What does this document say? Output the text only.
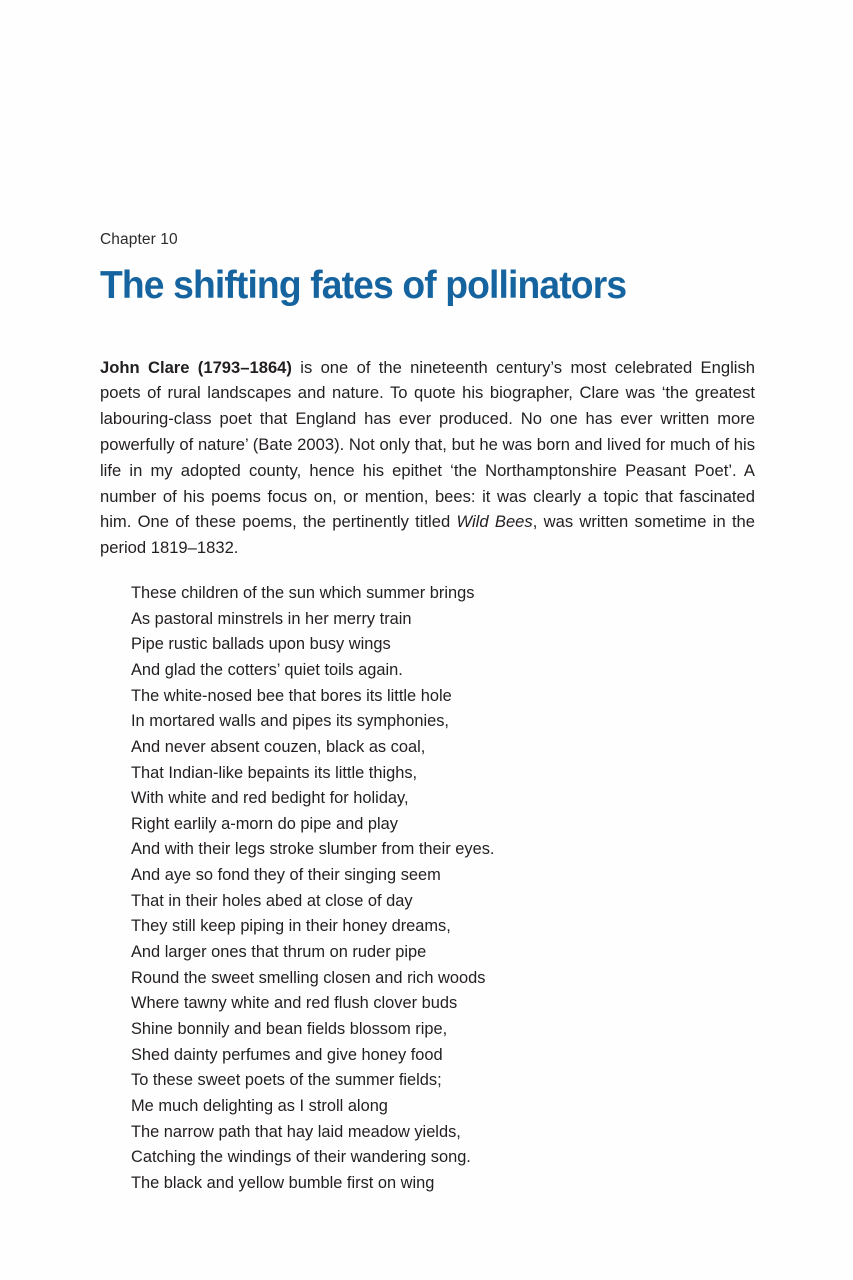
Chapter 10
The shifting fates of pollinators

John Clare (1793–1864) is one of the nineteenth century’s most celebrated English poets of rural landscapes and nature. To quote his biographer, Clare was ‘the greatest labouring-class poet that England has ever produced. No one has ever written more powerfully of nature’ (Bate 2003). Not only that, but he was born and lived for much of his life in my adopted county, hence his epithet ‘the Northamptonshire Peasant Poet’. A number of his poems focus on, or mention, bees: it was clearly a topic that fascinated him. One of these poems, the pertinently titled Wild Bees, was written sometime in the period 1819–1832.

These children of the sun which summer brings
As pastoral minstrels in her merry train
Pipe rustic ballads upon busy wings
And glad the cotters’ quiet toils again.
The white-nosed bee that bores its little hole
In mortared walls and pipes its symphonies,
And never absent couzen, black as coal,
That Indian-like bepaints its little thighs,
With white and red bedight for holiday,
Right earlily a-morn do pipe and play
And with their legs stroke slumber from their eyes.
And aye so fond they of their singing seem
That in their holes abed at close of day
They still keep piping in their honey dreams,
And larger ones that thrum on ruder pipe
Round the sweet smelling closen and rich woods
Where tawny white and red flush clover buds
Shine bonnily and bean fields blossom ripe,
Shed dainty perfumes and give honey food
To these sweet poets of the summer fields;
Me much delighting as I stroll along
The narrow path that hay laid meadow yields,
Catching the windings of their wandering song.
The black and yellow bumble first on wing
